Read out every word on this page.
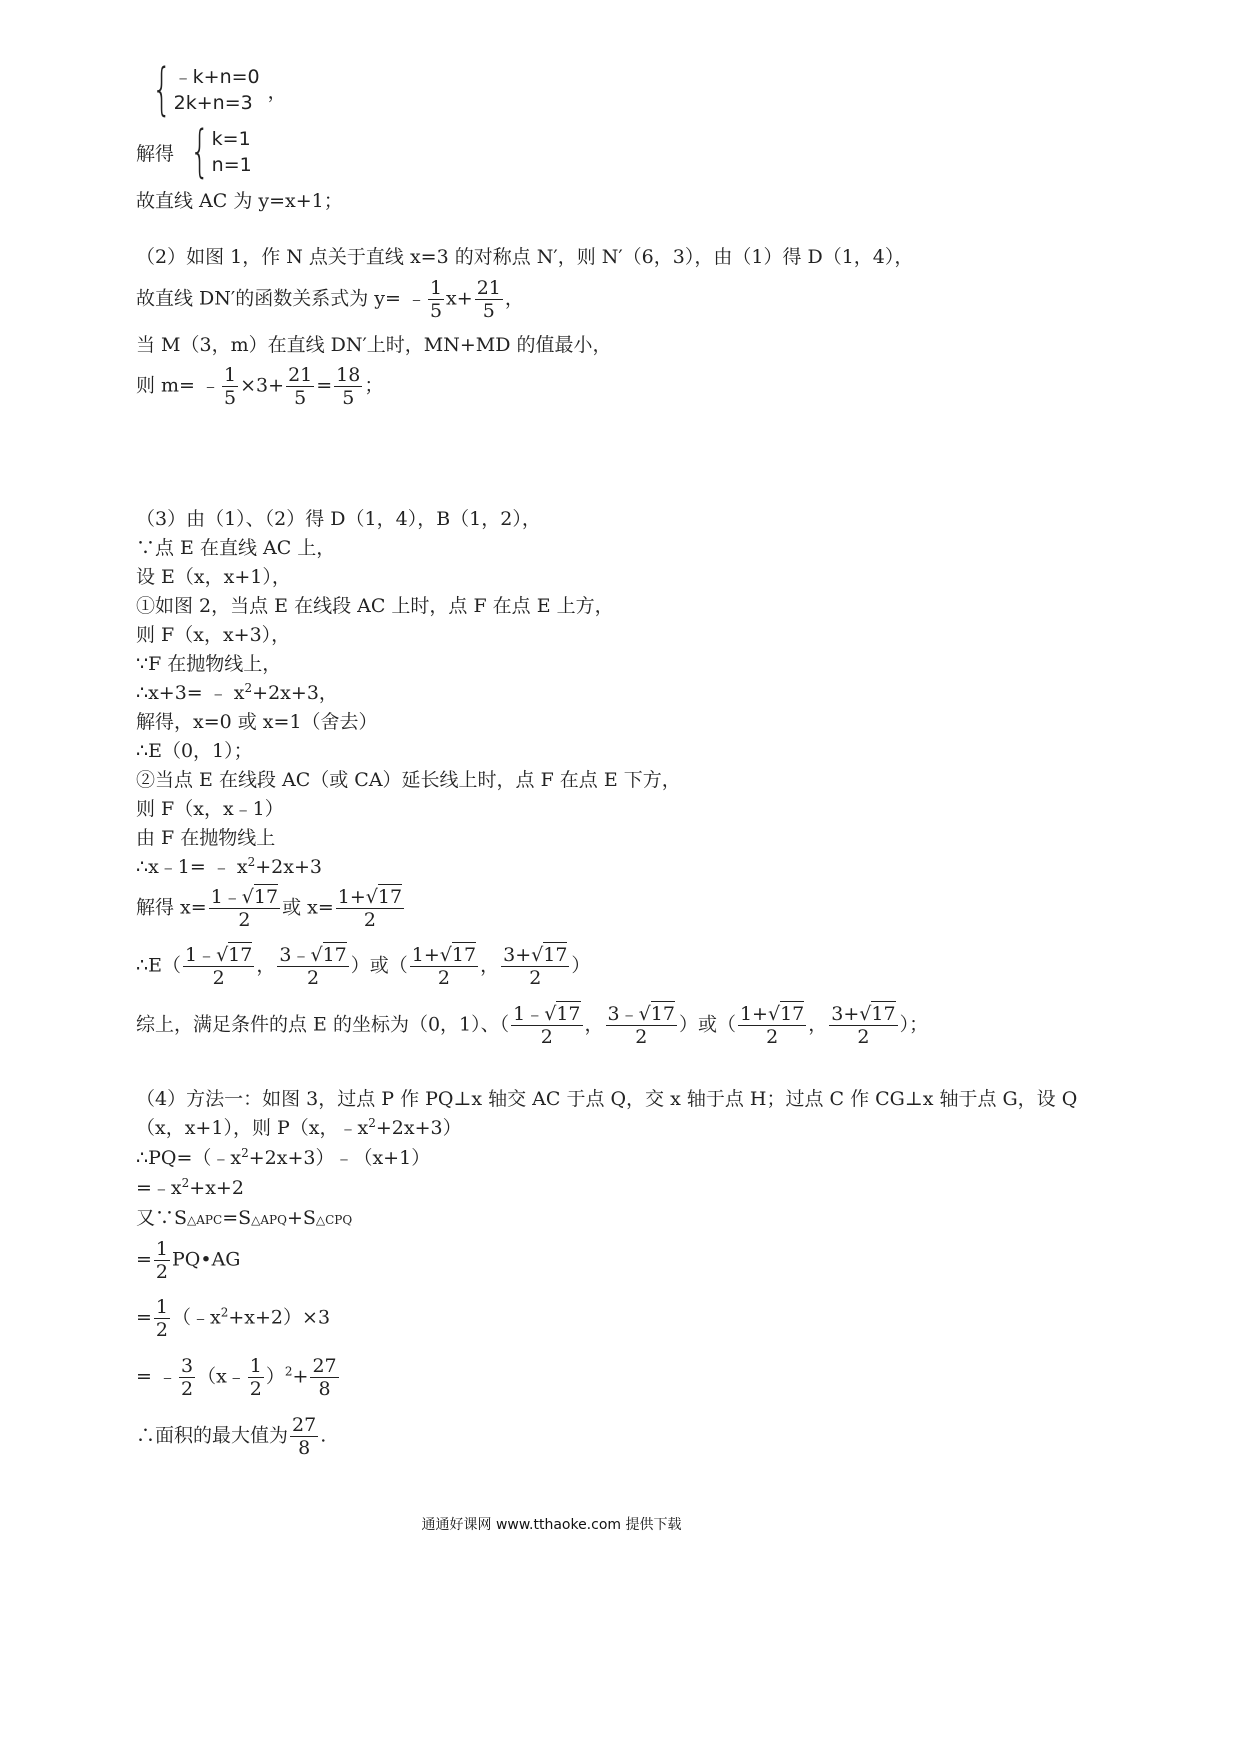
{ ﹣k+n=0
2k+n=3
，
解得 { k=1
n=1
故直线 AC 为 y=x+1；
（2）如图 1，作 N 点关于直线 x=3 的对称点 N′，则 N′（6，3），由（1）得 D（1，4），
故直线 DN′的函数关系式为 y= ﹣ $\frac{1}{5} x+ \frac{21}{5}$ ，
当 M（3，m）在直线 DN′上时，MN+MD 的值最小，
则 m= ﹣ $\frac{1}{5} \times 3+ \frac{21}{5} = \frac{18}{5}$ ；
（3）由（1）、（2）得 D（1，4），B（1，2），
∵点 E 在直线 AC 上，
设 E（x，x+1），
①如图 2，当点 E 在线段 AC 上时，点 F 在点 E 上方，
则 F（x，x+3），
∵F 在抛物线上，
∴x+3= ﹣ $x^2+2x+3$，
解得，x=0 或 x=1（舍去）
∴E（0，1）；
②当点 E 在线段 AC（或 CA）延长线上时，点 F 在点 E 下方，
则 F（x，x﹣1）
由 F 在抛物线上
∴x﹣1= ﹣ $x^2+2x+3$
解得 $x= \frac{1﹣√17}{2}$ 或 $x= \frac{1+√17}{2}$
∴E（ $\frac{1﹣√17}{2}$ ， $\frac{3﹣√17}{2}$ ）或（ $\frac{1+√17}{2}$ ， $\frac{3+√17}{2}$ ）
综上，满足条件的点 E 的坐标为（0，1）、（ $\frac{1﹣√17}{2}$ ， $\frac{3﹣√17}{2}$ ）或（ $\frac{1+√17}{2}$ ， $\frac{3+√17}{2}$ ）；
（4）方法一：如图 3，过点 P 作 PQ⊥x 轴交 AC 于点 Q，交 x 轴于点 H；过点 C 作 CG⊥x 轴于点 G，设 Q
（x，x+1），则 P（x，$﹣x^2+2x+3$）
$\therefore PQ=(﹣x^2+2x+3)﹣(x+1)$
$=﹣x^2+x+2$
又∵S△APC=S△APQ+S△CPQ
= $\frac{1}{2}$ PQ•AG
= $\frac{1}{2}$ $(﹣x^2+x+2)\times 3$
= ﹣ $\frac{3}{2}$ （x﹣ $\frac{1}{2} )^2+ \frac{27}{8}$
∴面积的最大值为 $\frac{27}{8}$ .
通通好课网 www.tthaoke.com 提供下载
